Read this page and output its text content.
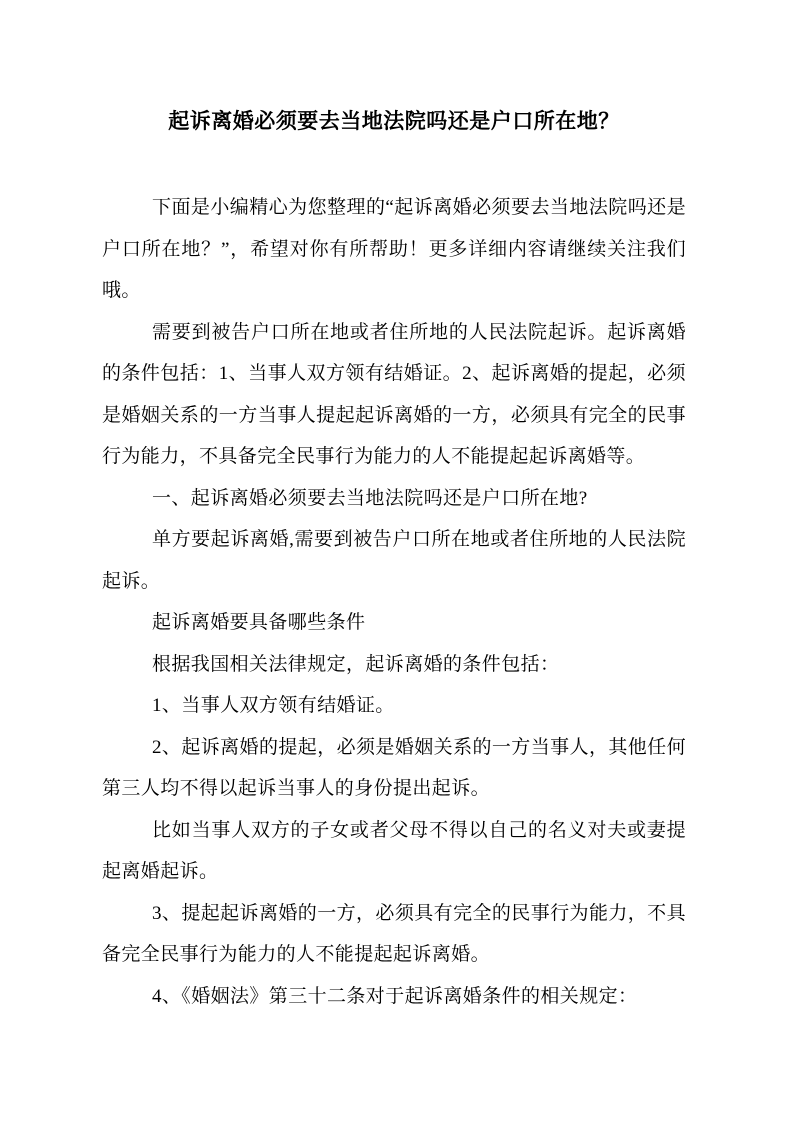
起诉离婚必须要去当地法院吗还是户口所在地？

下面是小编精心为您整理的“起诉离婚必须要去当地法院吗还是户口所在地？”，希望对你有所帮助！更多详细内容请继续关注我们哦。

需要到被告户口所在地或者住所地的人民法院起诉。起诉离婚的条件包括：1、当事人双方领有结婚证。2、起诉离婚的提起，必须是婚姻关系的一方当事人提起起诉离婚的一方，必须具有完全的民事行为能力，不具备完全民事行为能力的人不能提起起诉离婚等。

一、起诉离婚必须要去当地法院吗还是户口所在地?

单方要起诉离婚,需要到被告户口所在地或者住所地的人民法院起诉。

起诉离婚要具备哪些条件

根据我国相关法律规定，起诉离婚的条件包括：

1、当事人双方领有结婚证。

2、起诉离婚的提起，必须是婚姻关系的一方当事人，其他任何第三人均不得以起诉当事人的身份提出起诉。

比如当事人双方的子女或者父母不得以自己的名义对夫或妻提起离婚起诉。

3、提起起诉离婚的一方，必须具有完全的民事行为能力，不具备完全民事行为能力的人不能提起起诉离婚。

4、《婚姻法》第三十二条对于起诉离婚条件的相关规定：
